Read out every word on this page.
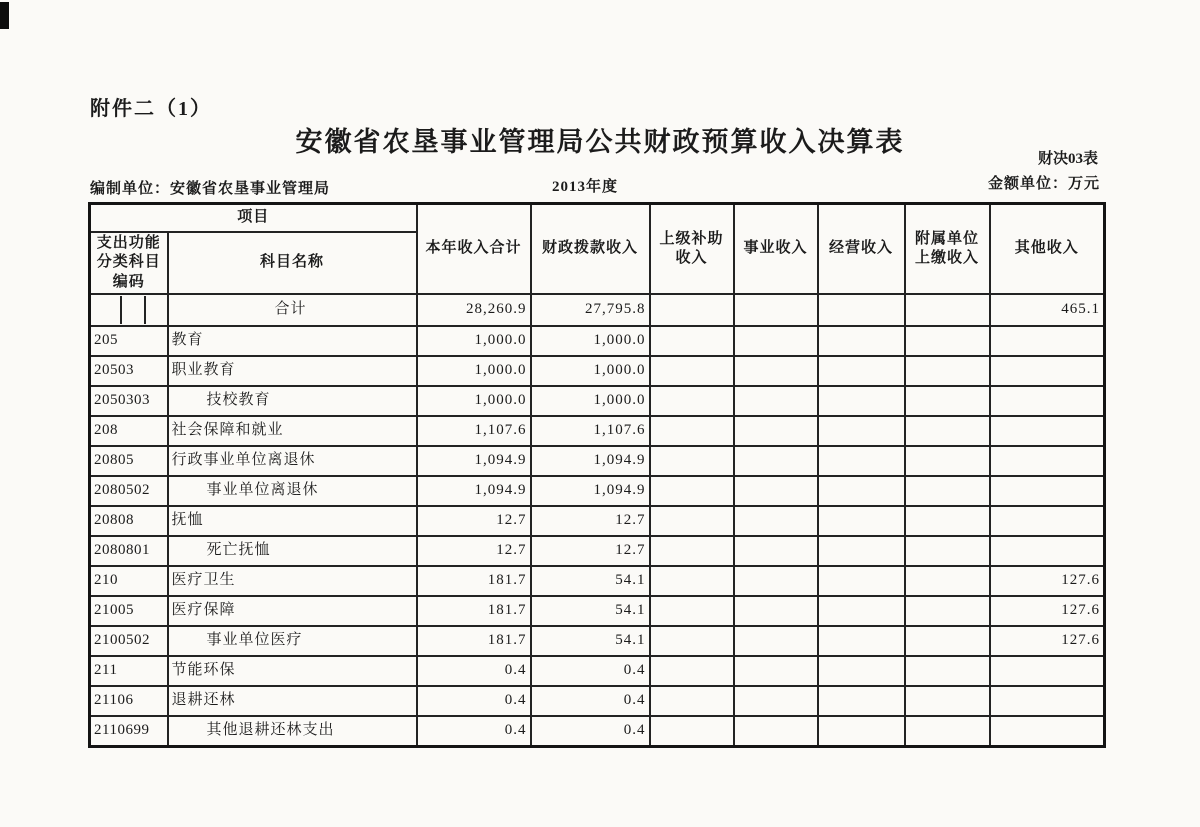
附件二（1）
安徽省农垦事业管理局公共财政预算收入决算表
财决03表
编制单位：安徽省农垦事业管理局	2013年度	金额单位：万元
项目		本年收入合计	财政拨款收入	上级补助收入	事业收入	经营收入	附属单位上缴收入	其他收入
支出功能分类科目编码	科目名称							

	合计	28,260.9	27,795.8					465.1
205	教育	1,000.0	1,000.0					
20503	职业教育	1,000.0	1,000.0					
2050303	技校教育	1,000.0	1,000.0					
208	社会保障和就业	1,107.6	1,107.6					
20805	行政事业单位离退休	1,094.9	1,094.9					
2080502	事业单位离退休	1,094.9	1,094.9					
20808	抚恤	12.7	12.7					
2080801	死亡抚恤	12.7	12.7					
210	医疗卫生	181.7	54.1					127.6
21005	医疗保障	181.7	54.1					127.6
2100502	事业单位医疗	181.7	54.1					127.6
211	节能环保	0.4	0.4					
21106	退耕还林	0.4	0.4					
2110699	其他退耕还林支出	0.4	0.4					
